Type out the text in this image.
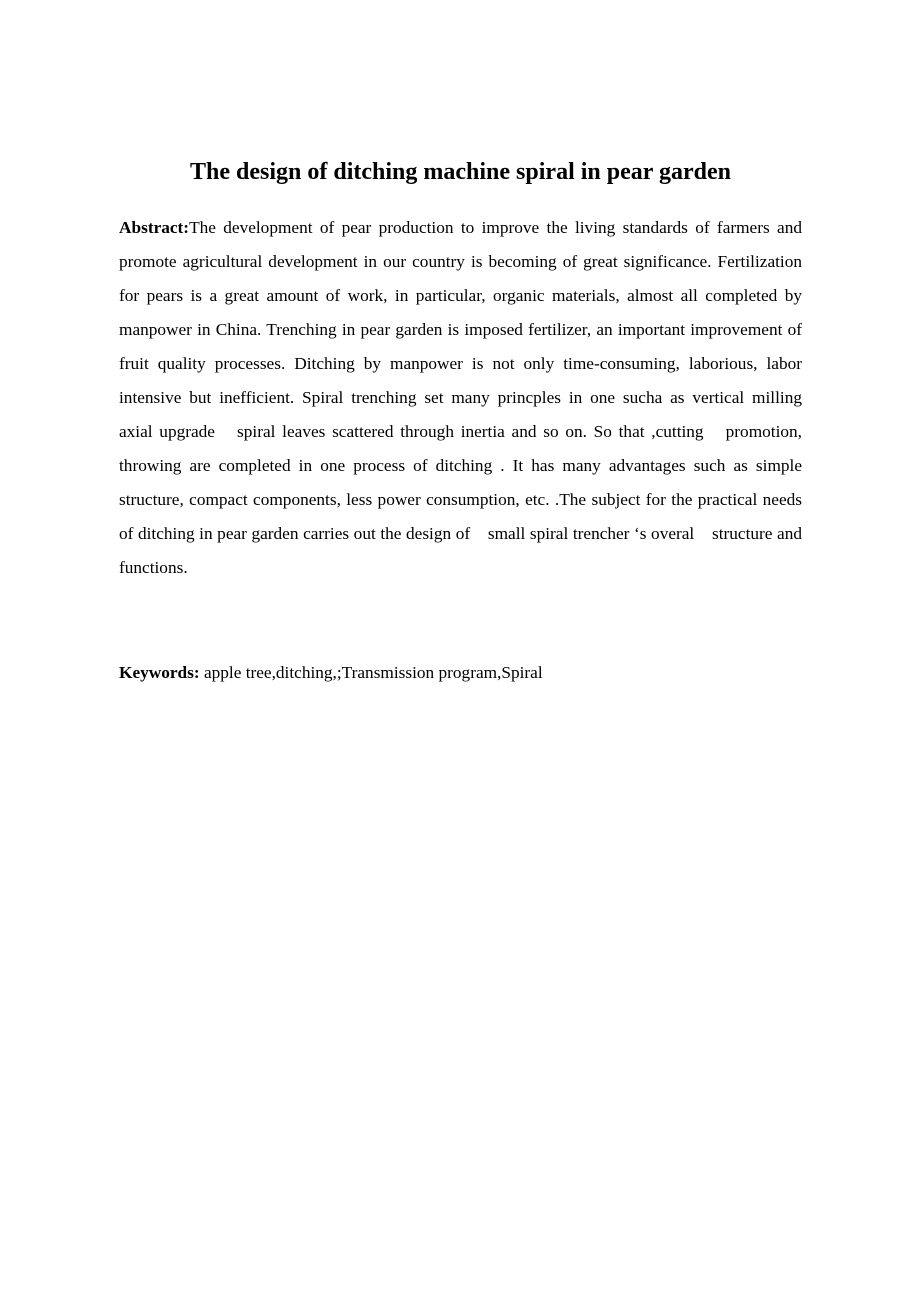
The design of ditching machine spiral in pear garden

Abstract:The development of pear production to improve the living standards of farmers and promote agricultural development in our country is becoming of great significance. Fertilization for pears is a great amount of work, in particular, organic materials, almost all completed by manpower in China. Trenching in pear garden is imposed fertilizer, an important improvement of fruit quality processes. Ditching by manpower is not only time-consuming, laborious, labor intensive but inefficient. Spiral trenching set many princples in one sucha as vertical milling　axial upgrade　spiral leaves scattered through inertia and so on. So that ,cutting　promotion, throwing are completed in one process of ditching . It has many advantages such as simple structure, compact components, less power consumption, etc. .The subject for the practical needs of ditching in pear garden carries out the design of　small spiral trencher ‘s overal　structure and functions.

Keywords: apple tree,ditching,;Transmission program,Spiral
